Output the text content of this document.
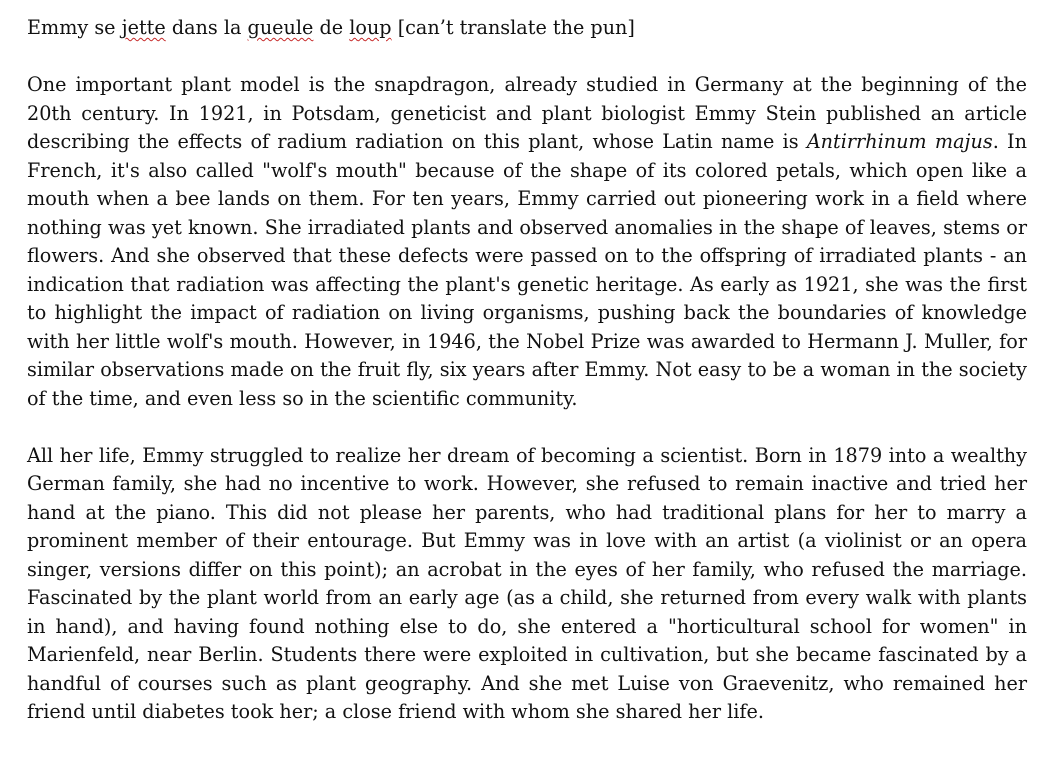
Emmy se jette dans la gueule de loup [can’t translate the pun]

One important plant model is the snapdragon, already studied in Germany at the beginning of the 20th century. In 1921, in Potsdam, geneticist and plant biologist Emmy Stein published an article describing the effects of radium radiation on this plant, whose Latin name is Antirrhinum majus. In French, it's also called "wolf's mouth" because of the shape of its colored petals, which open like a mouth when a bee lands on them. For ten years, Emmy carried out pioneering work in a field where nothing was yet known. She irradiated plants and observed anomalies in the shape of leaves, stems or flowers. And she observed that these defects were passed on to the offspring of irradiated plants - an indication that radiation was affecting the plant's genetic heritage. As early as 1921, she was the first to highlight the impact of radiation on living organisms, pushing back the boundaries of knowledge with her little wolf's mouth. However, in 1946, the Nobel Prize was awarded to Hermann J. Muller, for similar observations made on the fruit fly, six years after Emmy. Not easy to be a woman in the society of the time, and even less so in the scientific community.

All her life, Emmy struggled to realize her dream of becoming a scientist. Born in 1879 into a wealthy German family, she had no incentive to work. However, she refused to remain inactive and tried her hand at the piano. This did not please her parents, who had traditional plans for her to marry a prominent member of their entourage. But Emmy was in love with an artist (a violinist or an opera singer, versions differ on this point); an acrobat in the eyes of her family, who refused the marriage. Fascinated by the plant world from an early age (as a child, she returned from every walk with plants in hand), and having found nothing else to do, she entered a "horticultural school for women" in Marienfeld, near Berlin. Students there were exploited in cultivation, but she became fascinated by a handful of courses such as plant geography. And she met Luise von Graevenitz, who remained her friend until diabetes took her; a close friend with whom she shared her life.
